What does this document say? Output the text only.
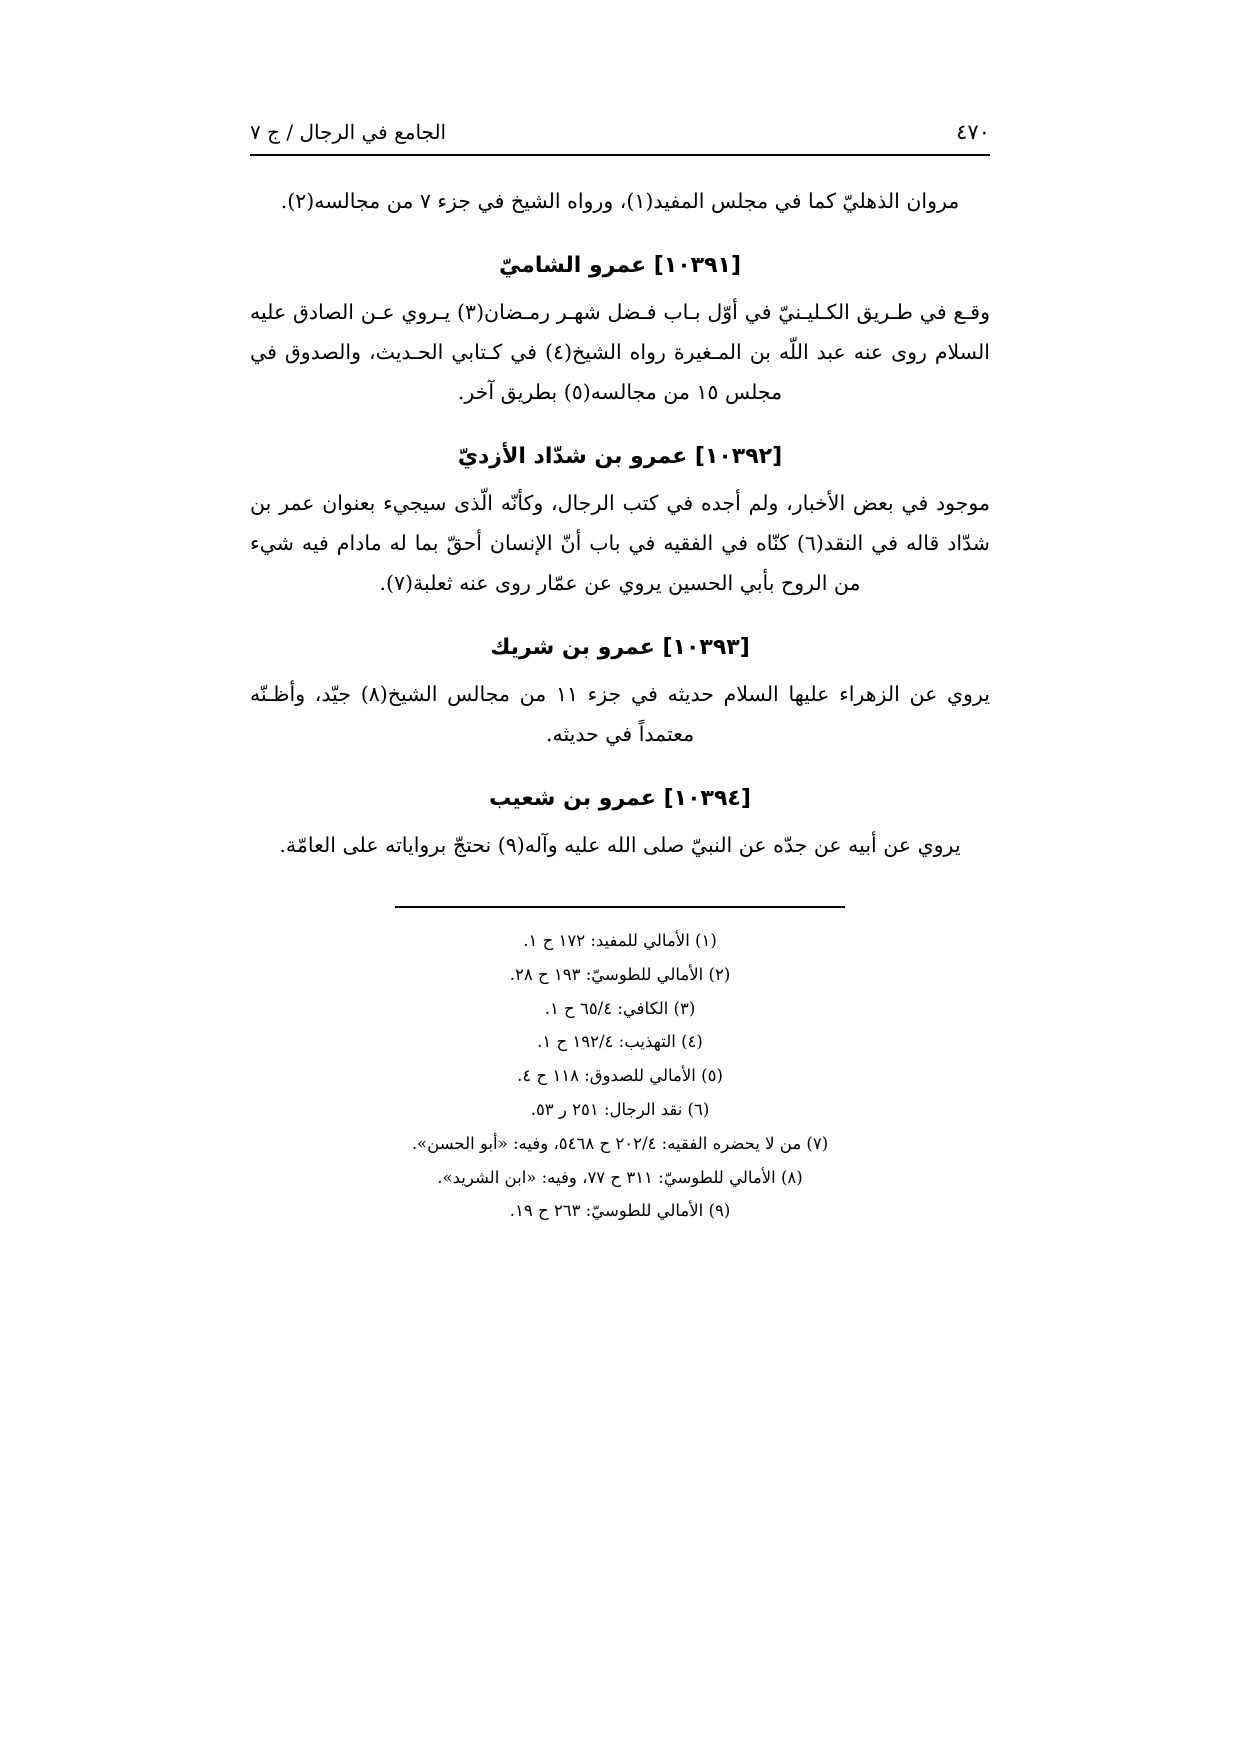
الجامع في الرجال / ج ٧	٤٧٠

مروان الذهليّ كما في مجلس المفيد(١)، ورواه الشيخ في جزء ٧ من مجالسه(٢).

[١٠٣٩١] عمرو الشاميّ

وقـع في طـريق الكـليـنيّ في أوّل بـاب فـضل شهـر رمـضان(٣) يـروي عـن الصادق عليه السلام روى عنه عبد اللّه بن المـغيرة رواه الشيخ(٤) في كـتابي الحـديث، والصدوق في مجلس ١٥ من مجالسه(٥) بطريق آخر.

[١٠٣٩٢] عمرو بن شدّاد الأزديّ

موجود في بعض الأخبار، ولم أجده في كتب الرجال، وكأنّه الّذى سيجيء بعنوان عمر بن شدّاد قاله في النقد(٦) كنّاه في الفقيه في باب أنّ الإنسان أحقّ بما له مادام فيه شيء من الروح بأبي الحسين يروي عن عمّار روى عنه ثعلبة(٧).

[١٠٣٩٣] عمرو بن شريك

يروي عن الزهراء عليها السلام حديثه في جزء ١١ من مجالس الشيخ(٨) جيّد، وأظـنّه معتمداً في حديثه.

[١٠٣٩٤] عمرو بن شعيب

يروي عن أبيه عن جدّه عن النبيّ صلى الله عليه وآله(٩) نحتجّ برواياته على العامّة.

(١) الأمالي للمفيد: ١٧٢ ح ١.

(٢) الأمالي للطوسيّ: ١٩٣ ح ٢٨.

(٣) الكافي: ٦٥/٤ ح ١.

(٤) التهذيب: ١٩٢/٤ ح ١.

(٥) الأمالي للصدوق: ١١٨ ح ٤.

(٦) نقد الرجال: ٢٥١ ر ٥٣.

(٧) من لا يحضره الفقيه: ٢٠٢/٤ ح ٥٤٦٨، وفيه: «أبو الحسن».

(٨) الأمالي للطوسيّ: ٣١١ ح ٧٧، وفيه: «ابن الشريد».

(٩) الأمالي للطوسيّ: ٢٦٣ ح ١٩.
